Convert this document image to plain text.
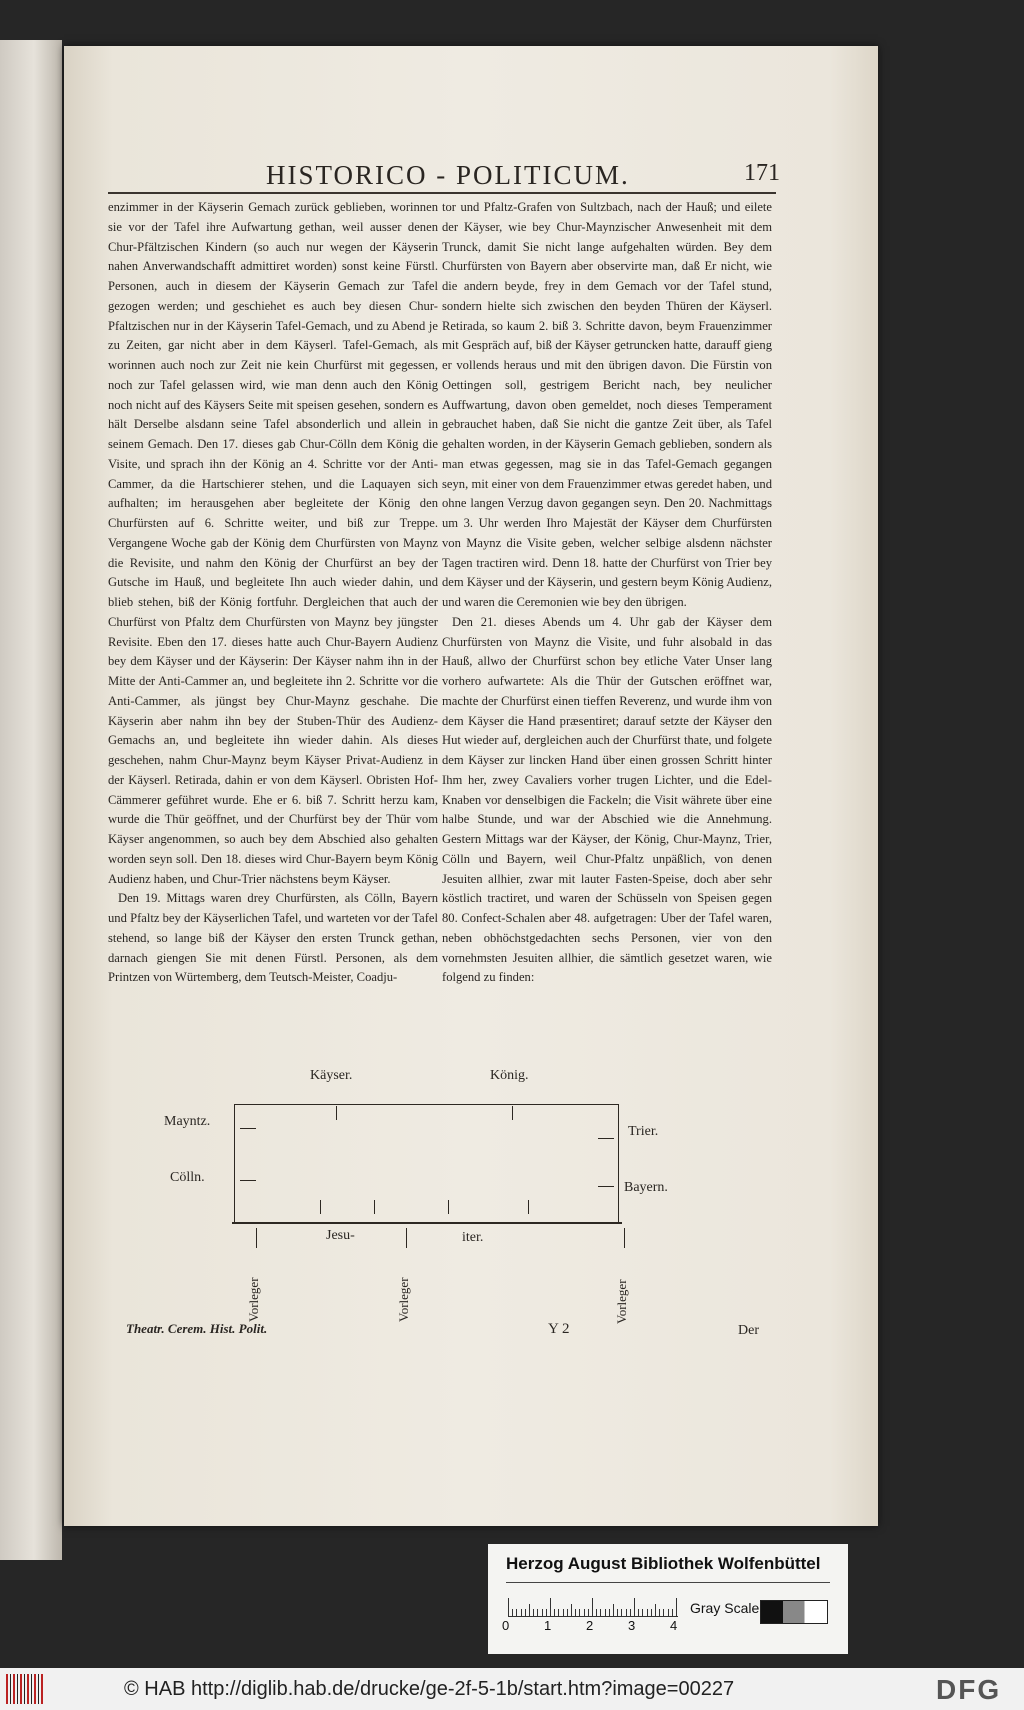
HISTORICO - POLITICUM.	171

enzimmer in der Käyserin Gemach zurück geblieben, worinnen sie vor der Tafel ihre Aufwartung gethan, weil ausser denen Chur-Pfältzischen Kindern (so auch nur wegen der Käyserin nahen Anverwandschafft admittiret worden) sonst keine Fürstl. Personen, auch in diesem der Käyserin Gemach zur Tafel gezogen werden; und geschiehet es auch bey diesen Chur-Pfaltzischen nur in der Käyserin Tafel-Gemach, und zu Abend je zu Zeiten, gar nicht aber in dem Käyserl. Tafel-Gemach, als worinnen auch noch zur Zeit nie kein Churfürst mit gegessen, noch zur Tafel gelassen wird, wie man denn auch den König noch nicht auf des Käysers Seite mit speisen gesehen, sondern es hält Derselbe alsdann seine Tafel absonderlich und allein in seinem Gemach. Den 17. dieses gab Chur-Cölln dem König die Visite, und sprach ihn der König an 4. Schritte vor der Anti-Cammer, da die Hartschierer stehen, und die Laquayen sich aufhalten; im herausgehen aber begleitete der König den Churfürsten auf 6. Schritte weiter, und biß zur Treppe. Vergangene Woche gab der König dem Churfürsten von Maynz die Revisite, und nahm den König der Churfürst an bey der Gutsche im Hauß, und begleitete Ihn auch wieder dahin, und blieb stehen, biß der König fortfuhr. Dergleichen that auch der Churfürst von Pfaltz dem Churfürsten von Maynz bey jüngster Revisite. Eben den 17. dieses hatte auch Chur-Bayern Audienz bey dem Käyser und der Käyserin: Der Käyser nahm ihn in der Mitte der Anti-Cammer an, und begleitete ihn 2. Schritte vor die Anti-Cammer, als jüngst bey Chur-Maynz geschahe. Die Käyserin aber nahm ihn bey der Stuben-Thür des Audienz-Gemachs an, und begleitete ihn wieder dahin. Als dieses geschehen, nahm Chur-Maynz beym Käyser Privat-Audienz in der Käyserl. Retirada, dahin er von dem Käyserl. Obristen Hof-Cämmerer geführet wurde. Ehe er 6. biß 7. Schritt herzu kam, wurde die Thür geöffnet, und der Churfürst bey der Thür vom Käyser angenommen, so auch bey dem Abschied also gehalten worden seyn soll. Den 18. dieses wird Chur-Bayern beym König Audienz haben, und Chur-Trier nächstens beym Käyser.

Den 19. Mittags waren drey Churfürsten, als Cölln, Bayern und Pfaltz bey der Käyserlichen Tafel, und warteten vor der Tafel stehend, so lange biß der Käyser den ersten Trunck gethan, darnach giengen Sie mit denen Fürstl. Personen, als dem Printzen von Würtemberg, dem Teutsch-Meister, Coadju-

tor und Pfaltz-Grafen von Sultzbach, nach der Hauß; und eilete der Käyser, wie bey Chur-Maynzischer Anwesenheit mit dem Trunck, damit Sie nicht lange aufgehalten würden. Bey dem Churfürsten von Bayern aber observirte man, daß Er nicht, wie die andern beyde, frey in dem Gemach vor der Tafel stund, sondern hielte sich zwischen den beyden Thüren der Käyserl. Retirada, so kaum 2. biß 3. Schritte davon, beym Frauenzimmer mit Gespräch auf, biß der Käyser getruncken hatte, darauff gieng er vollends heraus und mit den übrigen davon. Die Fürstin von Oettingen soll, gestrigem Bericht nach, bey neulicher Auffwartung, davon oben gemeldet, noch dieses Temperament gebrauchet haben, daß Sie nicht die gantze Zeit über, als Tafel gehalten worden, in der Käyserin Gemach geblieben, sondern als man etwas gegessen, mag sie in das Tafel-Gemach gegangen seyn, mit einer von dem Frauenzimmer etwas geredet haben, und ohne langen Verzug davon gegangen seyn. Den 20. Nachmittags um 3. Uhr werden Ihro Majestät der Käyser dem Churfürsten von Maynz die Visite geben, welcher selbige alsdenn nächster Tagen tractiren wird. Denn 18. hatte der Churfürst von Trier bey dem Käyser und der Käyserin, und gestern beym König Audienz, und waren die Ceremonien wie bey den übrigen.

Den 21. dieses Abends um 4. Uhr gab der Käyser dem Churfürsten von Maynz die Visite, und fuhr alsobald in das Hauß, allwo der Churfürst schon bey etliche Vater Unser lang vorhero aufwartete: Als die Thür der Gutschen eröffnet war, machte der Churfürst einen tieffen Reverenz, und wurde ihm von dem Käyser die Hand præsentiret; darauf setzte der Käyser den Hut wieder auf, dergleichen auch der Churfürst thate, und folgete dem Käyser zur lincken Hand über einen grossen Schritt hinter Ihm her, zwey Cavaliers vorher trugen Lichter, und die Edel-Knaben vor denselbigen die Fackeln; die Visit währete über eine halbe Stunde, und war der Abschied wie die Annehmung. Gestern Mittags war der Käyser, der König, Chur-Maynz, Trier, Cölln und Bayern, weil Chur-Pfaltz unpäßlich, von denen Jesuiten allhier, zwar mit lauter Fasten-Speise, doch aber sehr köstlich tractiret, und waren der Schüsseln von Speisen gegen 80. Confect-Schalen aber 48. aufgetragen: Uber der Tafel waren, neben obhöchstgedachten sechs Personen, vier von den vornehmsten Jesuiten allhier, die sämtlich gesetzet waren, wie folgend zu finden:

Käyser.	König.
Mayntz.
Cölln.
Trier.
Bayern.
Jesu-	iter.
Vorleger	Vorleger	Vorleger
Theatr. Cerem. Hist. Polit.	Y 2	Der
Herzog August Bibliothek Wolfenbüttel
0	1	2	3	4
Gray Scale
© HAB http://diglib.hab.de/drucke/ge-2f-5-1b/start.htm?image=00227	DFG
